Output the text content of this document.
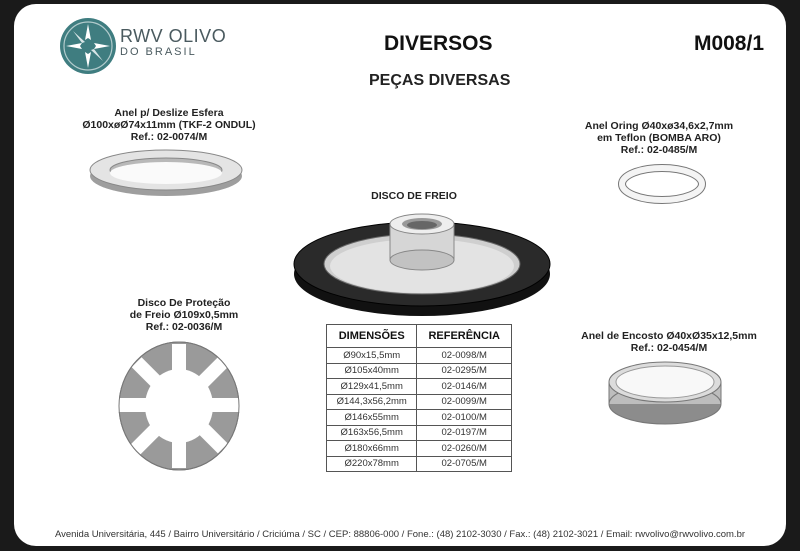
RWV OLIVO
DO BRASIL	DIVERSOS	M008/1
PEÇAS DIVERSAS
Anel p/ Deslize Esfera
Ø100xøØ74x11mm (TKF-2 ONDUL)
Ref.: 02-0074/M
Anel Oring Ø40xø34,6x2,7mm
em Teflon (BOMBA ARO)
Ref.: 02-0485/M
DISCO DE FREIO
Disco De Proteção
de Freio Ø109x0,5mm
Ref.: 02-0036/M
DIMENSÕES	REFERÊNCIA
Ø90x15,5mm	02-0098/M
Ø105x40mm	02-0295/M
Ø129x41,5mm	02-0146/M
Ø144,3x56,2mm	02-0099/M
Ø146x55mm	02-0100/M
Ø163x56,5mm	02-0197/M
Ø180x66mm	02-0260/M
Ø220x78mm	02-0705/M
Anel de Encosto Ø40xØ35x12,5mm
Ref.: 02-0454/M
Avenida Universitária, 445 / Bairro Universitário / Criciúma / SC / CEP: 88806-000 / Fone.: (48) 2102-3030 / Fax.: (48) 2102-3021 / Email: rwvolivo@rwvolivo.com.br
